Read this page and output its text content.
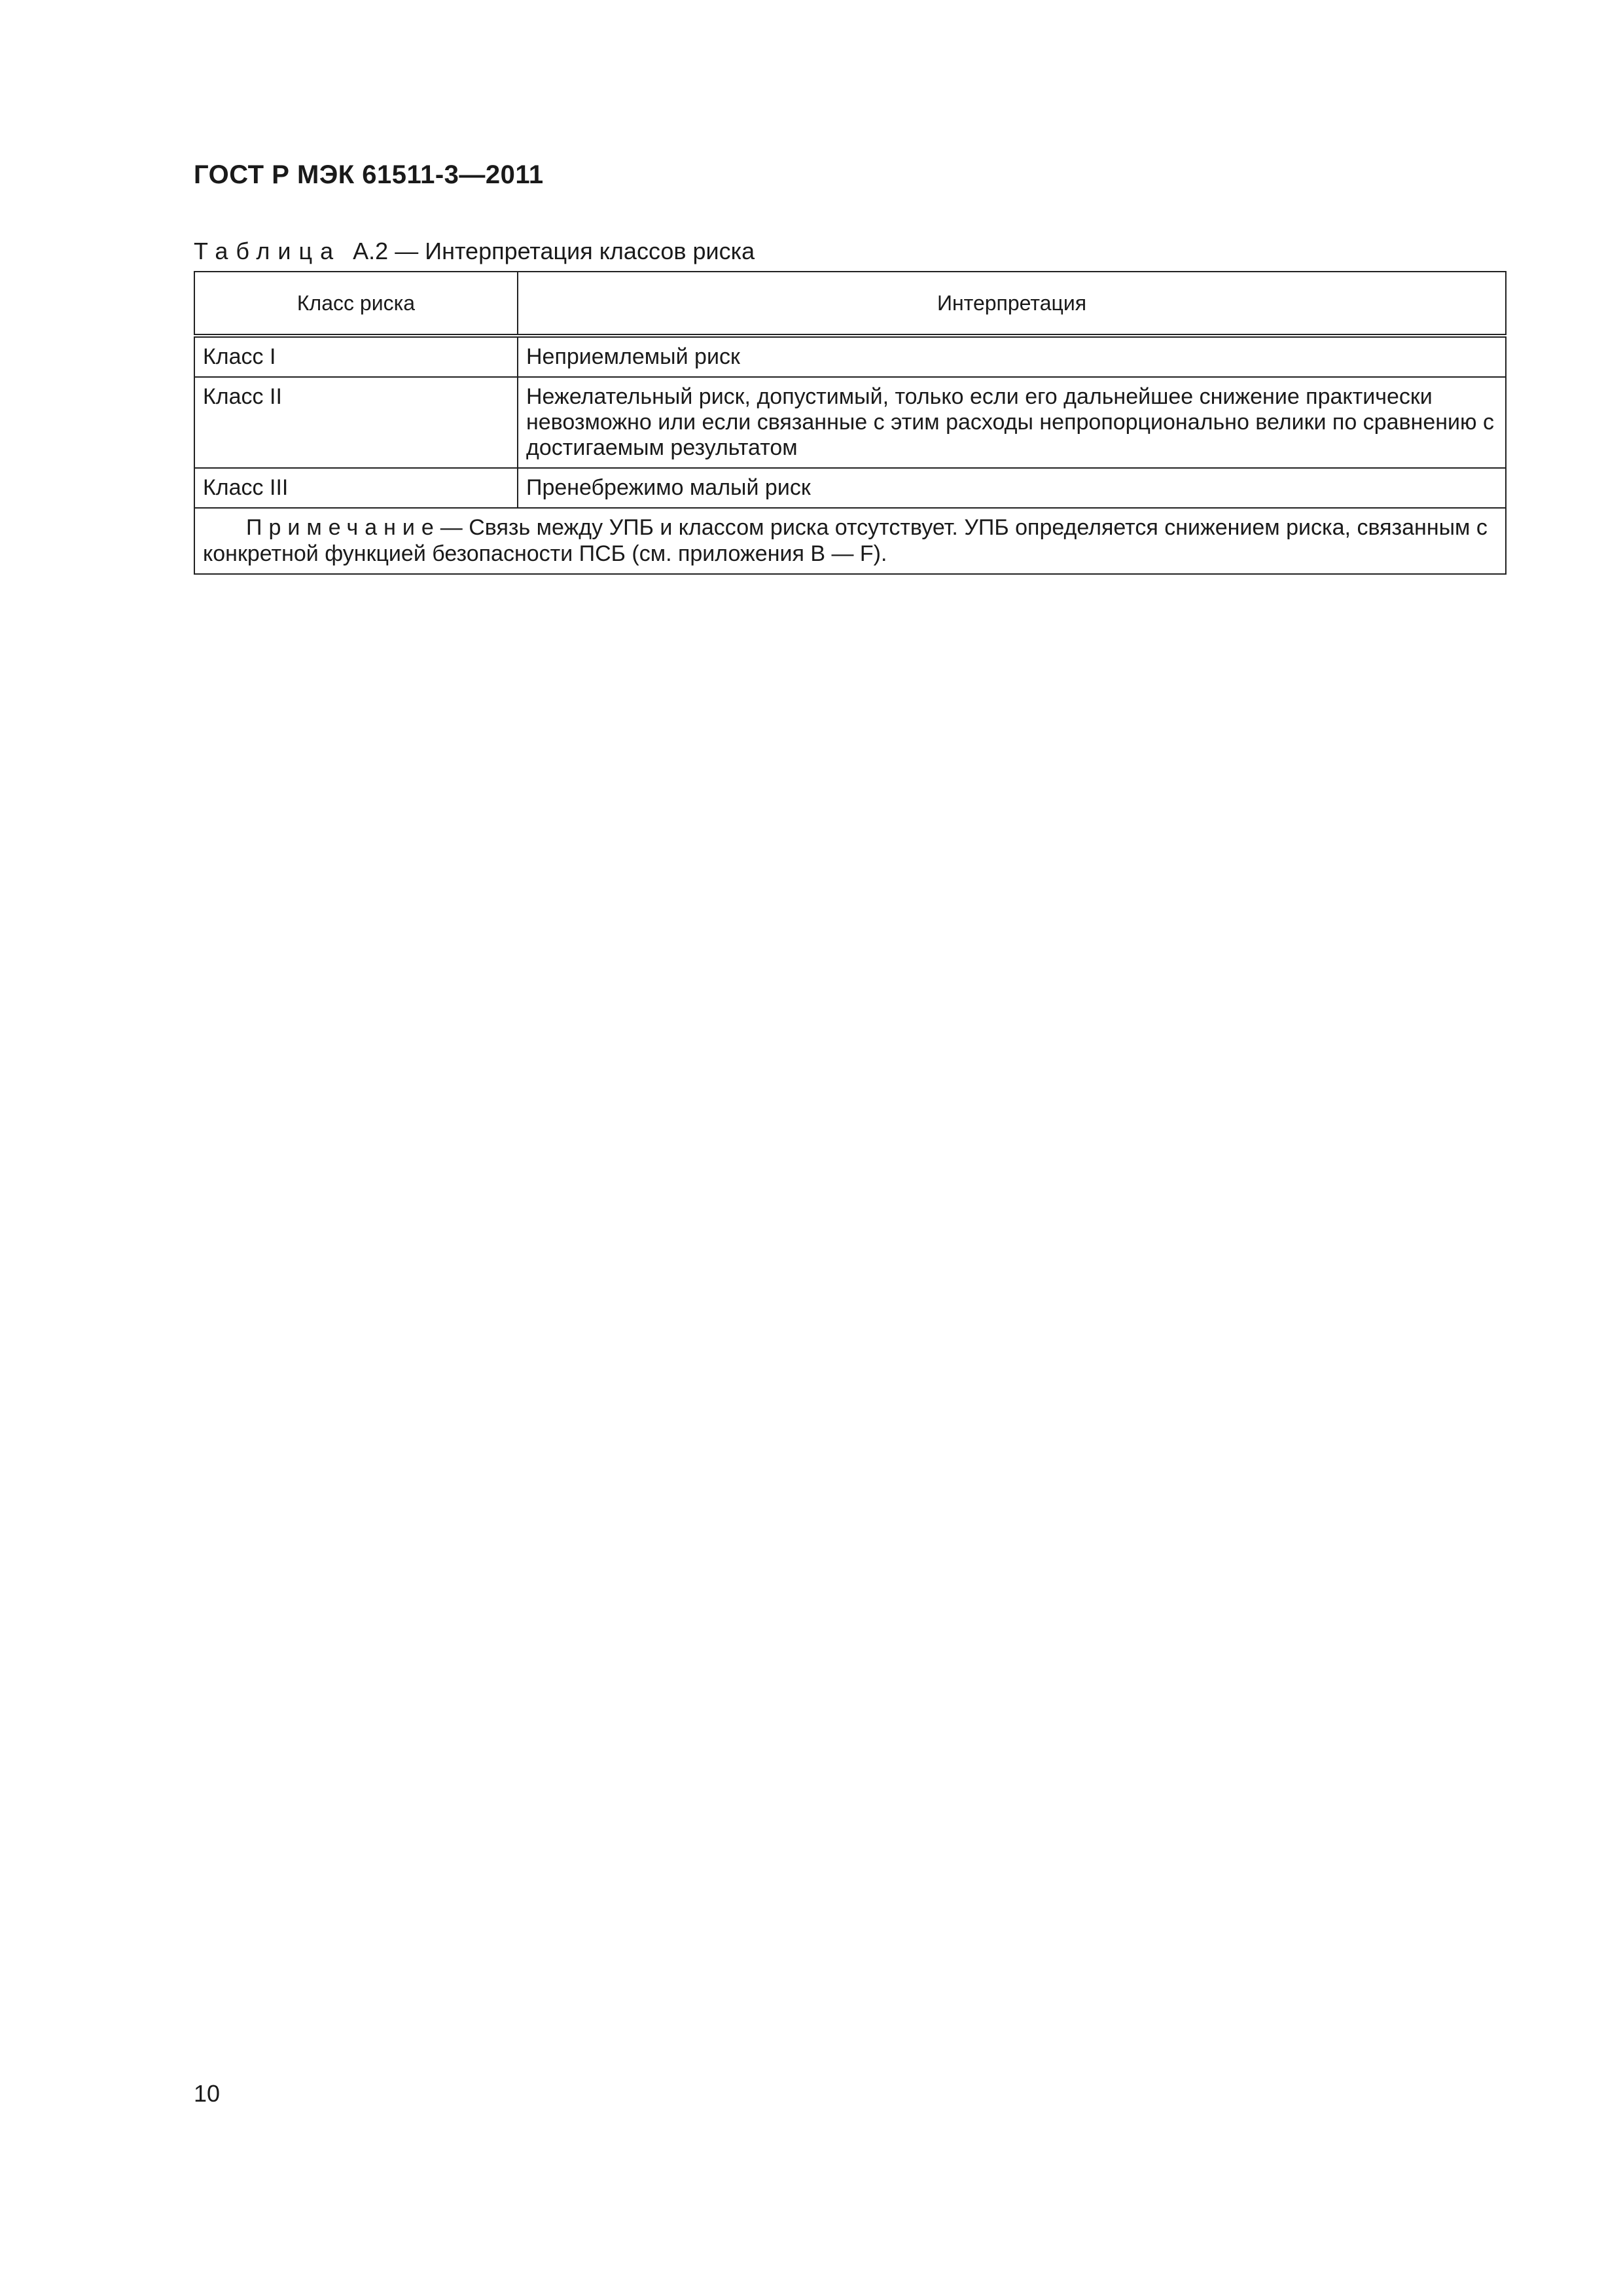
ГОСТ Р МЭК 61511-3—2011
Таблица А.2 — Интерпретация классов риска
Класс риска	Интерпретация
Класс I	Неприемлемый риск
Класс II	Нежелательный риск, допустимый, только если его дальнейшее снижение практически невозможно или если связанные с этим расходы непропорционально велики по сравнению с достигаемым результатом
Класс III	Пренебрежимо малый риск
Примечание— Связь между УПБ и классом риска отсутствует. УПБ определяется снижением риска, связанным с конкретной функцией безопасности ПСБ (см. приложения В — F).	
10
